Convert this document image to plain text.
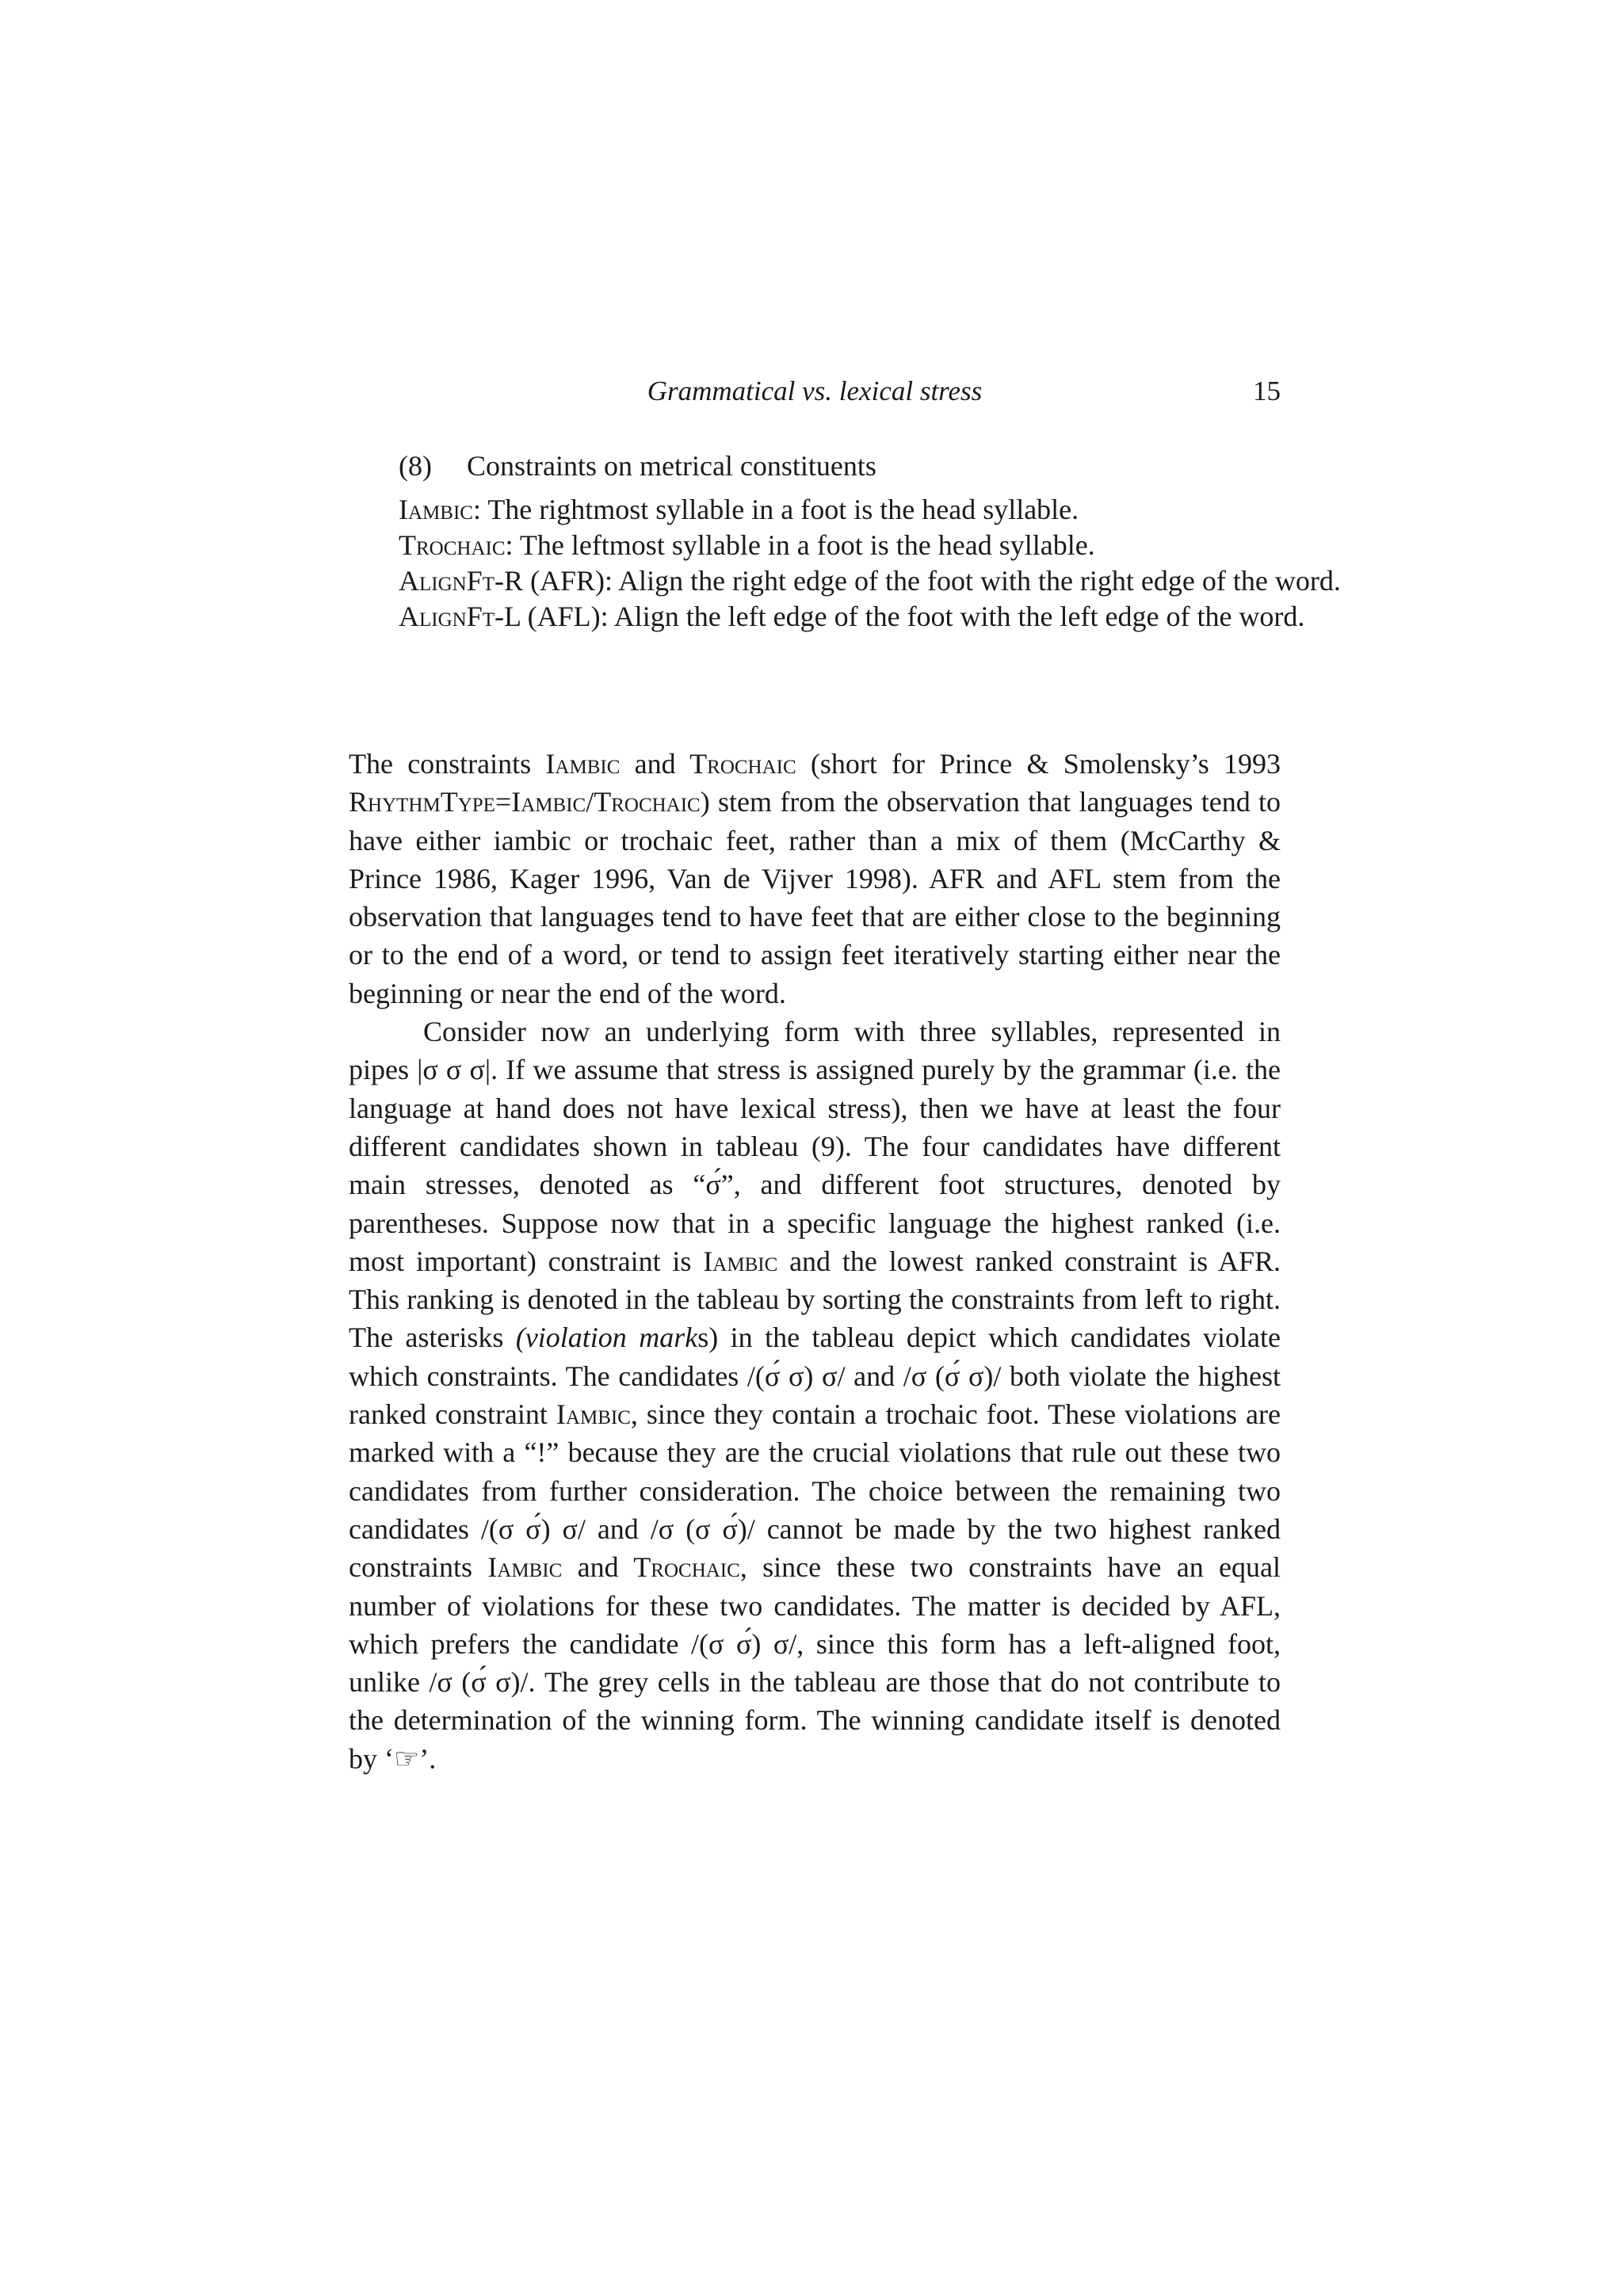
Grammatical vs. lexical stress	15
(8) Constraints on metrical constituents
Iambic: The rightmost syllable in a foot is the head syllable.
Trochaic: The leftmost syllable in a foot is the head syllable.
AlignFt-R (AFR): Align the right edge of the foot with the right edge of the word.
AlignFt-L (AFL): Align the left edge of the foot with the left edge of the word.

The constraints Iambic and Trochaic (short for Prince & Smolensky’s 1993 RhythmType=Iambic/Trochaic) stem from the observation that languages tend to have either iambic or trochaic feet, rather than a mix of them (McCarthy & Prince 1986, Kager 1996, Van de Vijver 1998). AFR and AFL stem from the observation that languages tend to have feet that are either close to the beginning or to the end of a word, or tend to assign feet iteratively starting either near the beginning or near the end of the word.

Consider now an underlying form with three syllables, represented in pipes |σ σ σ|. If we assume that stress is assigned purely by the grammar (i.e. the language at hand does not have lexical stress), then we have at least the four different candidates shown in tableau (9). The four candidates have different main stresses, denoted as “σ́”, and different foot structures, denoted by parentheses. Suppose now that in a specific language the highest ranked (i.e. most important) constraint is Iambic and the lowest ranked constraint is AFR. This ranking is denoted in the tableau by sorting the constraints from left to right. The asterisks (violation marks) in the tableau depict which candidates violate which constraints. The candidates /(σ́ σ) σ/ and /σ (σ́ σ)/ both violate the highest ranked constraint Iambic, since they contain a trochaic foot. These violations are marked with a “!” because they are the crucial violations that rule out these two candidates from further consideration. The choice between the remaining two candidates /(σ σ́) σ/ and /σ (σ σ́)/ cannot be made by the two highest ranked constraints Iambic and Trochaic, since these two constraints have an equal number of violations for these two candidates. The matter is decided by AFL, which prefers the candidate /(σ σ́) σ/, since this form has a left-aligned foot, unlike /σ (σ́ σ)/. The grey cells in the tableau are those that do not contribute to the determination of the winning form. The winning candidate itself is denoted by ‘☞’.
